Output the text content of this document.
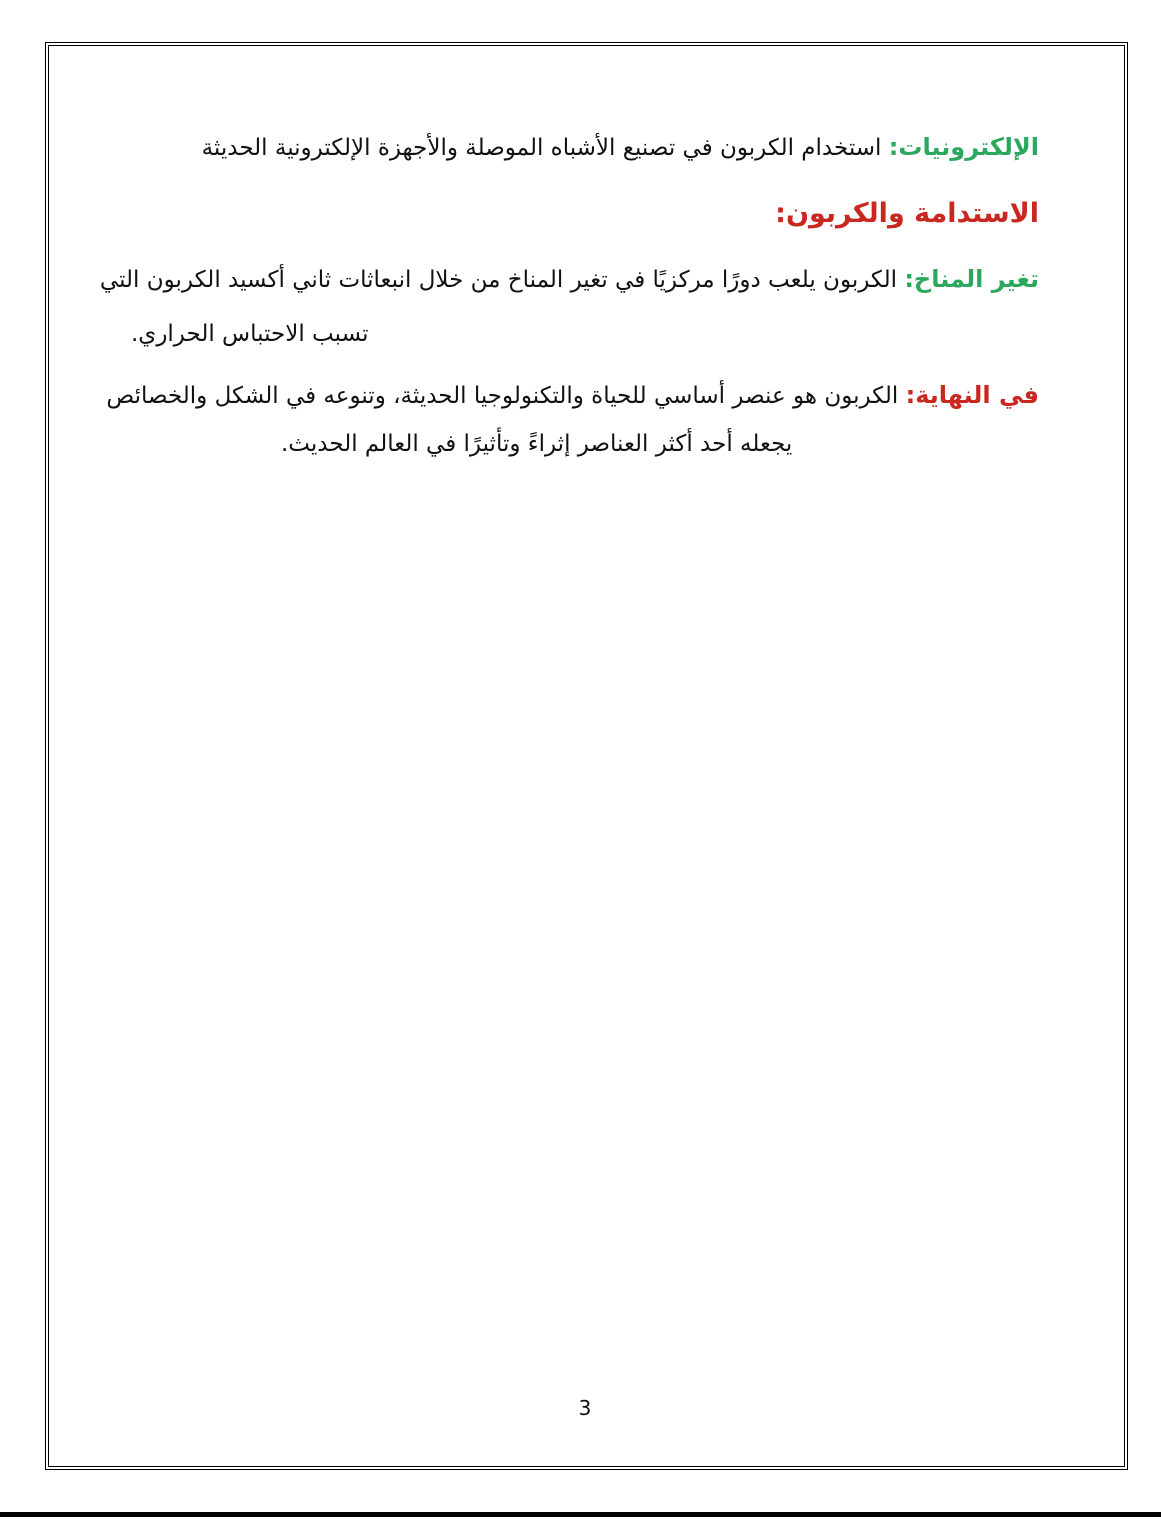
الإلكترونيات: استخدام الكربون في تصنيع الأشباه الموصلة والأجهزة الإلكترونية الحديثة

الاستدامة والكربون:

تغير المناخ: الكربون يلعب دورًا مركزيًا في تغير المناخ من خلال انبعاثات ثاني أكسيد الكربون التي

تسبب الاحتباس الحراري.

في النهاية: الكربون هو عنصر أساسي للحياة والتكنولوجيا الحديثة، وتنوعه في الشكل والخصائص

يجعله أحد أكثر العناصر إثراءً وتأثيرًا في العالم الحديث.

3
